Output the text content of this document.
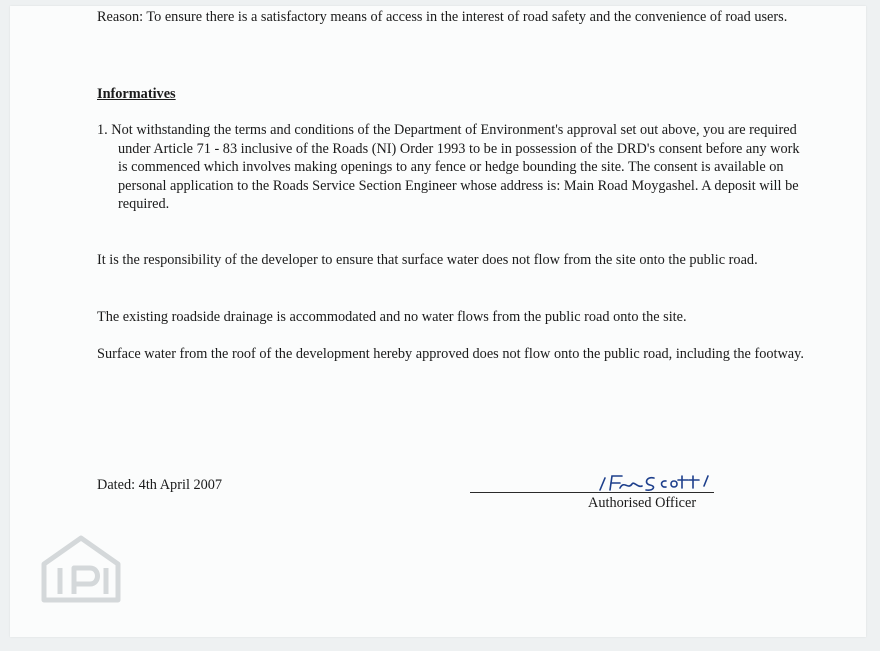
Reason: To ensure there is a satisfactory means of access in the interest of road safety and the convenience of road users.
Informatives
1. Not withstanding the terms and conditions of the Department of Environment's approval set out above, you are required under Article 71 - 83 inclusive of the Roads (NI) Order 1993 to be in possession of the DRD's consent before any work is commenced which involves making openings to any fence or hedge bounding the site. The consent is available on personal application to the Roads Service Section Engineer whose address is: Main Road Moygashel. A deposit will be required.
It is the responsibility of the developer to ensure that surface water does not flow from the site onto the public road.
The existing roadside drainage is accommodated and no water flows from the public road onto the site.
Surface water from the roof of the development hereby approved does not flow onto the public road, including the footway.
Dated: 4th April 2007
Authorised Officer
